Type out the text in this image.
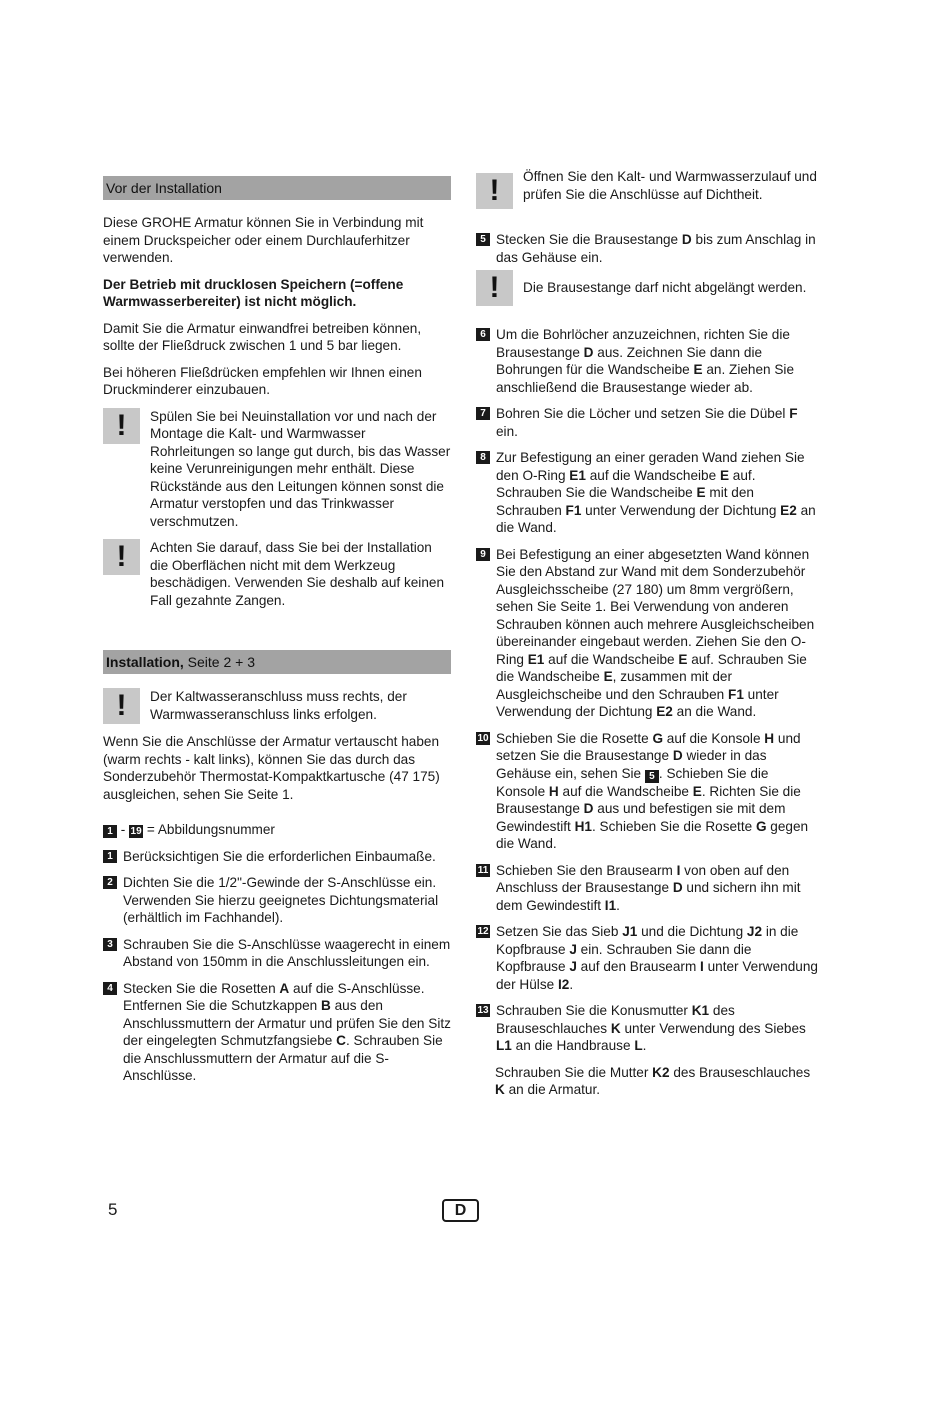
Vor der Installation

Diese GROHE Armatur können Sie in Verbindung mit einem Druckspeicher oder einem Durchlauferhitzer verwenden.

Der Betrieb mit drucklosen Speichern (=offene Warmwasserbereiter) ist nicht möglich.

Damit Sie die Armatur einwandfrei betreiben können, sollte der Fließdruck zwischen 1 und 5 bar liegen.

Bei höheren Fließdrücken empfehlen wir Ihnen einen Druckminderer einzubauen.

! Spülen Sie bei Neuinstallation vor und nach der Montage die Kalt- und Warmwasser Rohrleitungen so lange gut durch, bis das Wasser keine Verunreinigungen mehr enthält. Diese Rückstände aus den Leitungen können sonst die Armatur verstopfen und das Trinkwasser verschmutzen.
! Achten Sie darauf, dass Sie bei der Installation die Oberflächen nicht mit dem Werkzeug beschädigen. Verwenden Sie deshalb auf keinen Fall gezahnte Zangen.
Installation, Seite 2 + 3
! Der Kaltwasseranschluss muss rechts, der Warmwasseranschluss links erfolgen.

Wenn Sie die Anschlüsse der Armatur vertauscht haben (warm rechts - kalt links), können Sie das durch das Sonderzubehör Thermostat-Kompaktkartusche (47 175) ausgleichen, sehen Sie Seite 1.

1 - 19 = Abbildungsnummer
1 Berücksichtigen Sie die erforderlichen Einbaumaße.
2 Dichten Sie die 1/2"-Gewinde der S-Anschlüsse ein. Verwenden Sie hierzu geeignetes Dichtungsmaterial (erhältlich im Fachhandel).
3 Schrauben Sie die S-Anschlüsse waagerecht in einem Abstand von 150mm in die Anschlussleitungen ein.
4 Stecken Sie die Rosetten A auf die S-Anschlüsse. Entfernen Sie die Schutzkappen B aus den Anschlussmuttern der Armatur und prüfen Sie den Sitz der eingelegten Schmutzfangsiebe C. Schrauben Sie die Anschlussmuttern der Armatur auf die S-Anschlüsse.
! Öffnen Sie den Kalt- und Warmwasserzulauf und prüfen Sie die Anschlüsse auf Dichtheit.
5 Stecken Sie die Brausestange D bis zum Anschlag in das Gehäuse ein.
! Die Brausestange darf nicht abgelängt werden.
6 Um die Bohrlöcher anzuzeichnen, richten Sie die Brausestange D aus. Zeichnen Sie dann die Bohrungen für die Wandscheibe E an. Ziehen Sie anschließend die Brausestange wieder ab.
7 Bohren Sie die Löcher und setzen Sie die Dübel F ein.
8 Zur Befestigung an einer geraden Wand ziehen Sie den O-Ring E1 auf die Wandscheibe E auf. Schrauben Sie die Wandscheibe E mit den Schrauben F1 unter Verwendung der Dichtung E2 an die Wand.
9 Bei Befestigung an einer abgesetzten Wand können Sie den Abstand zur Wand mit dem Sonderzubehör Ausgleichsscheibe (27 180) um 8mm vergrößern, sehen Sie Seite 1. Bei Verwendung von anderen Schrauben können auch mehrere Ausgleichscheiben übereinander eingebaut werden. Ziehen Sie den O-Ring E1 auf die Wandscheibe E auf. Schrauben Sie die Wandscheibe E, zusammen mit der Ausgleichscheibe und den Schrauben F1 unter Verwendung der Dichtung E2 an die Wand.
10 Schieben Sie die Rosette G auf die Konsole H und setzen Sie die Brausestange D wieder in das Gehäuse ein, sehen Sie 5 . Schieben Sie die Konsole H auf die Wandscheibe E. Richten Sie die Brausestange D aus und befestigen sie mit dem Gewindestift H1. Schieben Sie die Rosette G gegen die Wand.
11 Schieben Sie den Brausearm I von oben auf den Anschluss der Brausestange D und sichern ihn mit dem Gewindestift I1.
12 Setzen Sie das Sieb J1 und die Dichtung J2 in die Kopfbrause J ein. Schrauben Sie dann die Kopfbrause J auf den Brausearm I unter Verwendung der Hülse I2.
13 Schrauben Sie die Konusmutter K1 des Brauseschlauches K unter Verwendung des Siebes L1 an die Handbrause L.

Schrauben Sie die Mutter K2 des Brauseschlauches K an die Armatur.

5	D
